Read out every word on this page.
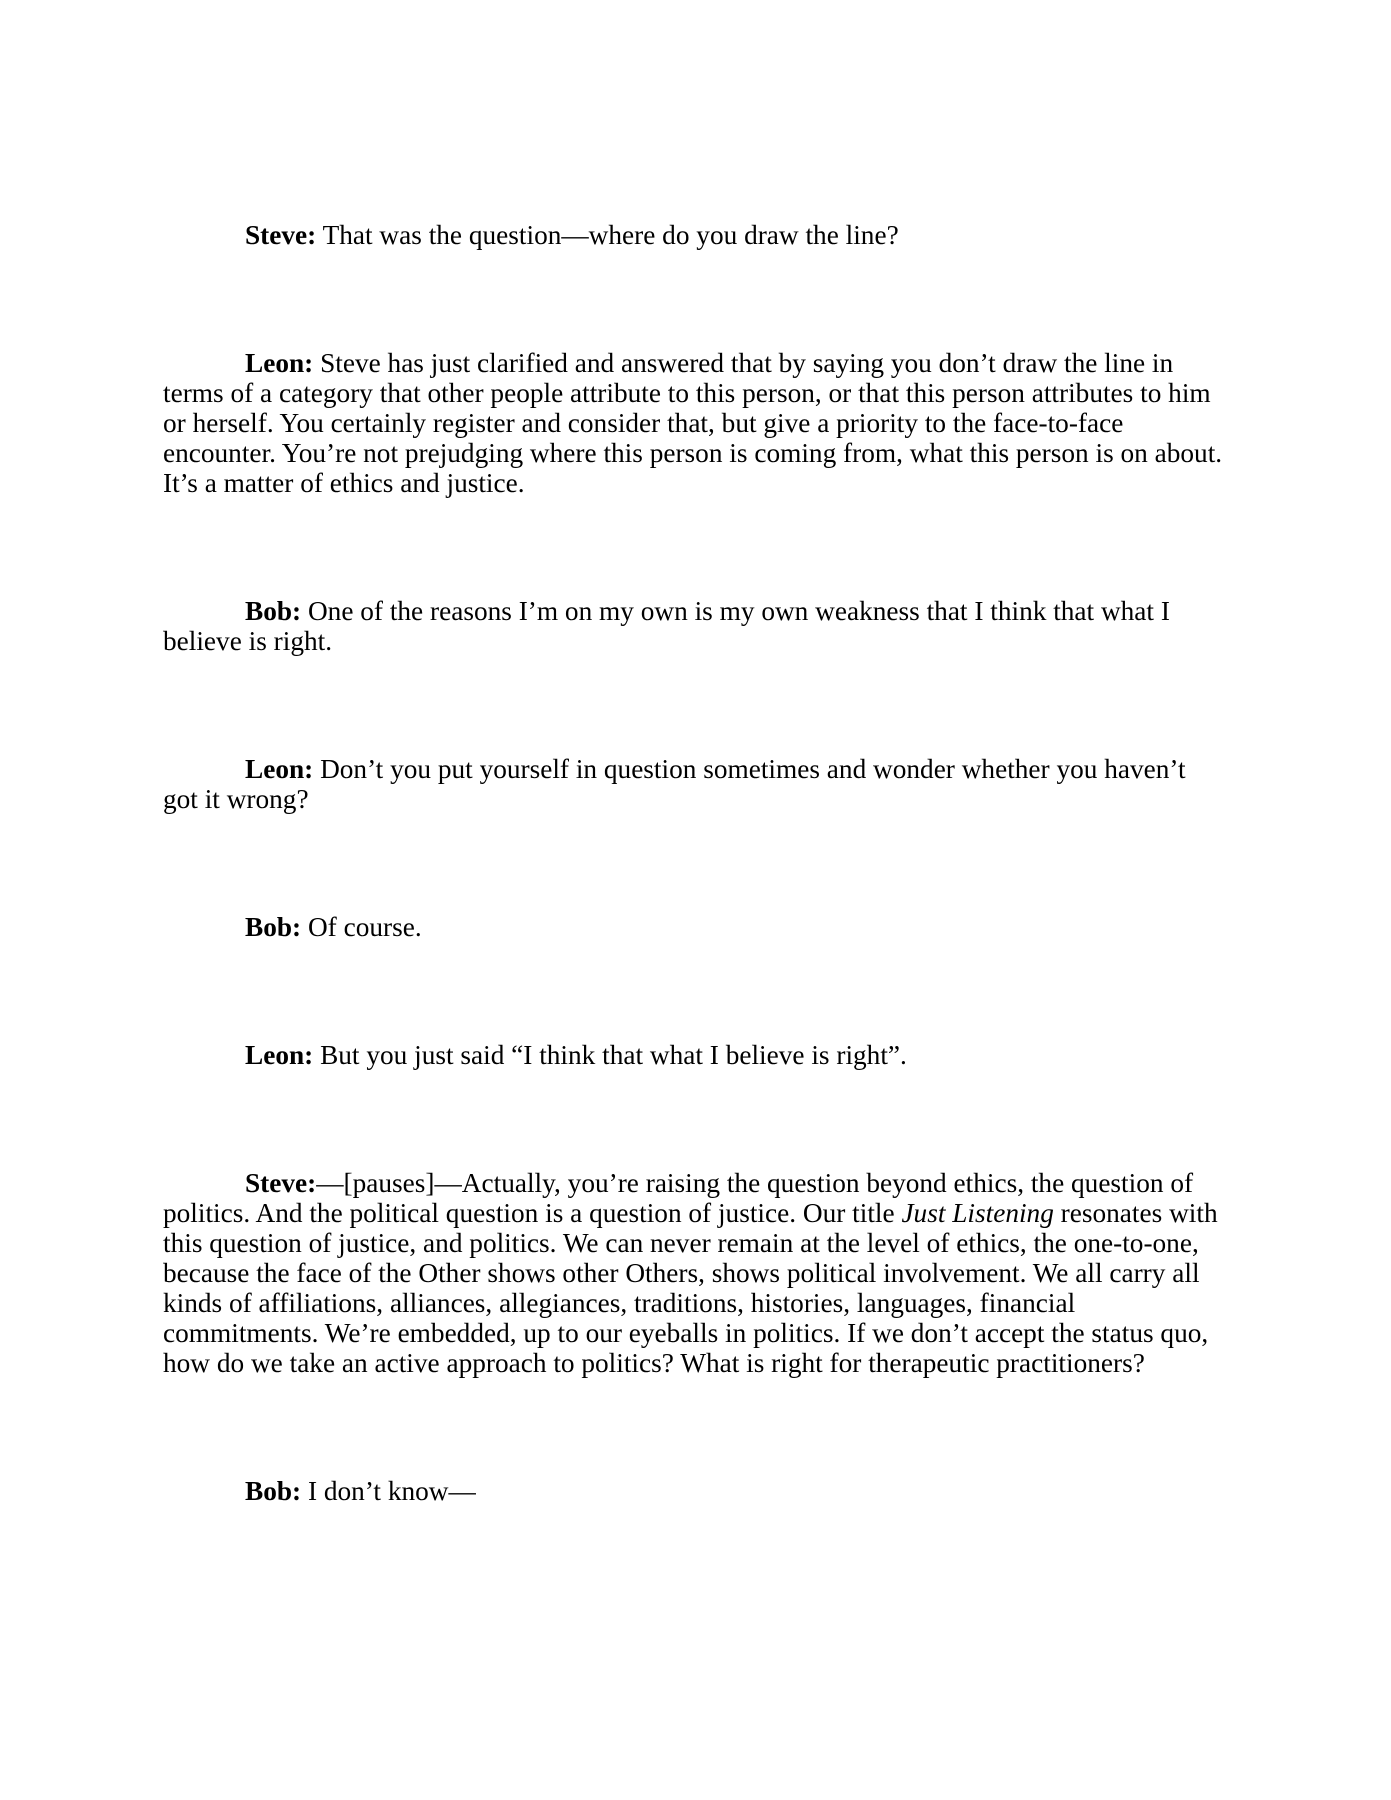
Steve: That was the question—where do you draw the line?

Leon: Steve has just clarified and answered that by saying you don’t draw the line in terms of a category that other people attribute to this person, or that this person attributes to him or herself. You certainly register and consider that, but give a priority to the face-to-face encounter. You’re not prejudging where this person is coming from, what this person is on about. It’s a matter of ethics and justice.

Bob: One of the reasons I’m on my own is my own weakness that I think that what I believe is right.

Leon: Don’t you put yourself in question sometimes and wonder whether you haven’t got it wrong?

Bob: Of course.

Leon: But you just said “I think that what I believe is right”.

Steve:—[pauses]—Actually, you’re raising the question beyond ethics, the question of politics. And the political question is a question of justice. Our title Just Listening resonates with this question of justice, and politics. We can never remain at the level of ethics, the one-to-one, because the face of the Other shows other Others, shows political involvement. We all carry all kinds of affiliations, alliances, allegiances, traditions, histories, languages, financial commitments. We’re embedded, up to our eyeballs in politics. If we don’t accept the status quo, how do we take an active approach to politics? What is right for therapeutic practitioners?

Bob: I don’t know—
